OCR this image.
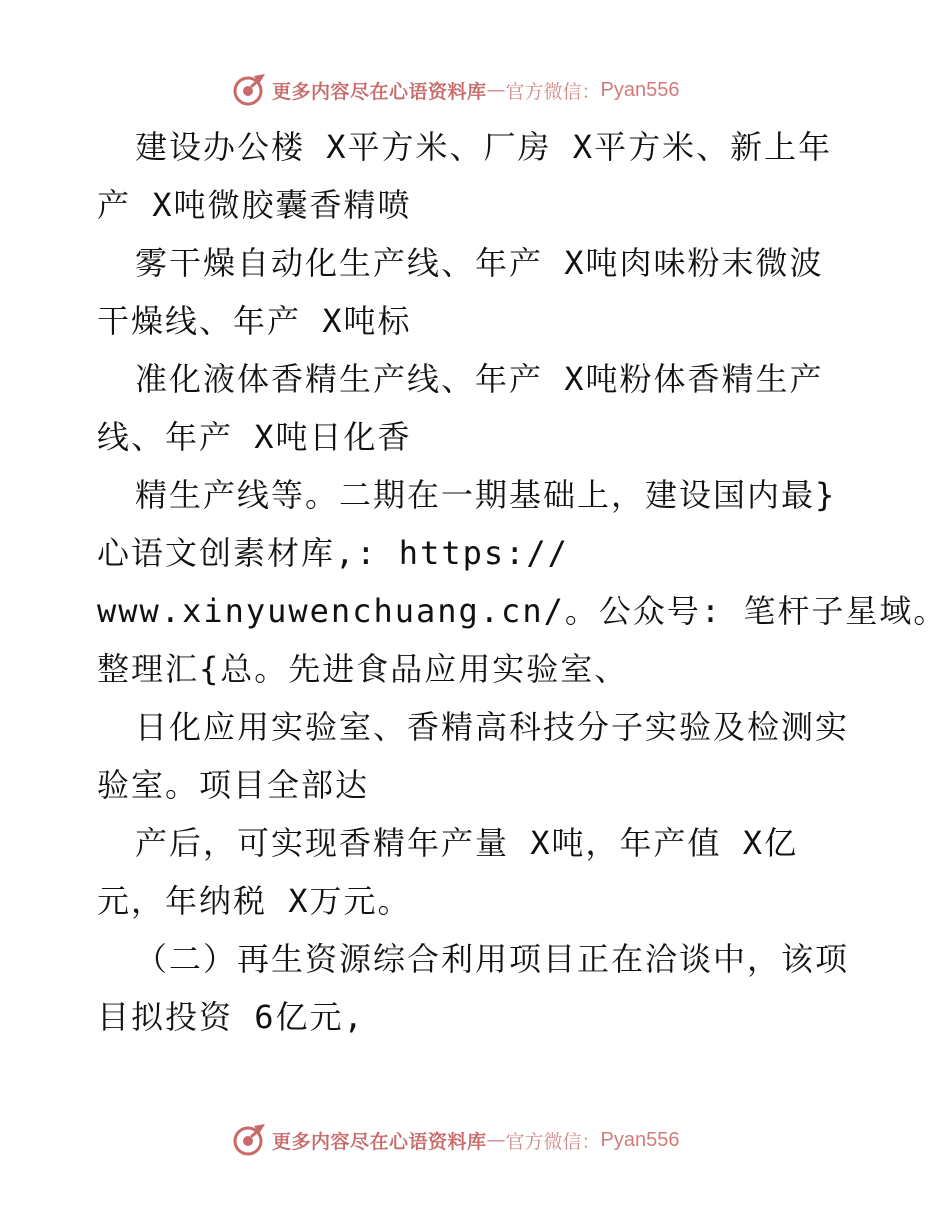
更多内容尽在心语资料库 — 官方微信： Pyan556
建设办公楼 X平方米、厂房 X平方米、新上年
产 X吨微胶囊香精喷
雾干燥自动化生产线、年产 X吨肉味粉末微波
干燥线、年产 X吨标
准化液体香精生产线、年产 X吨粉体香精生产
线、年产 X吨日化香
精生产线等。二期在一期基础上，建设国内最}
心语文创素材库,: https://
www.xinyuwenchuang.cn/。公众号: 笔杆子星域。
整理汇{总。先进食品应用实验室、
日化应用实验室、香精高科技分子实验及检测实
验室。项目全部达
产后，可实现香精年产量 X吨，年产值 X亿
元，年纳税 X万元。
（二）再生资源综合利用项目正在洽谈中，该项
目拟投资 6亿元,
更多内容尽在心语资料库 — 官方微信： Pyan556
